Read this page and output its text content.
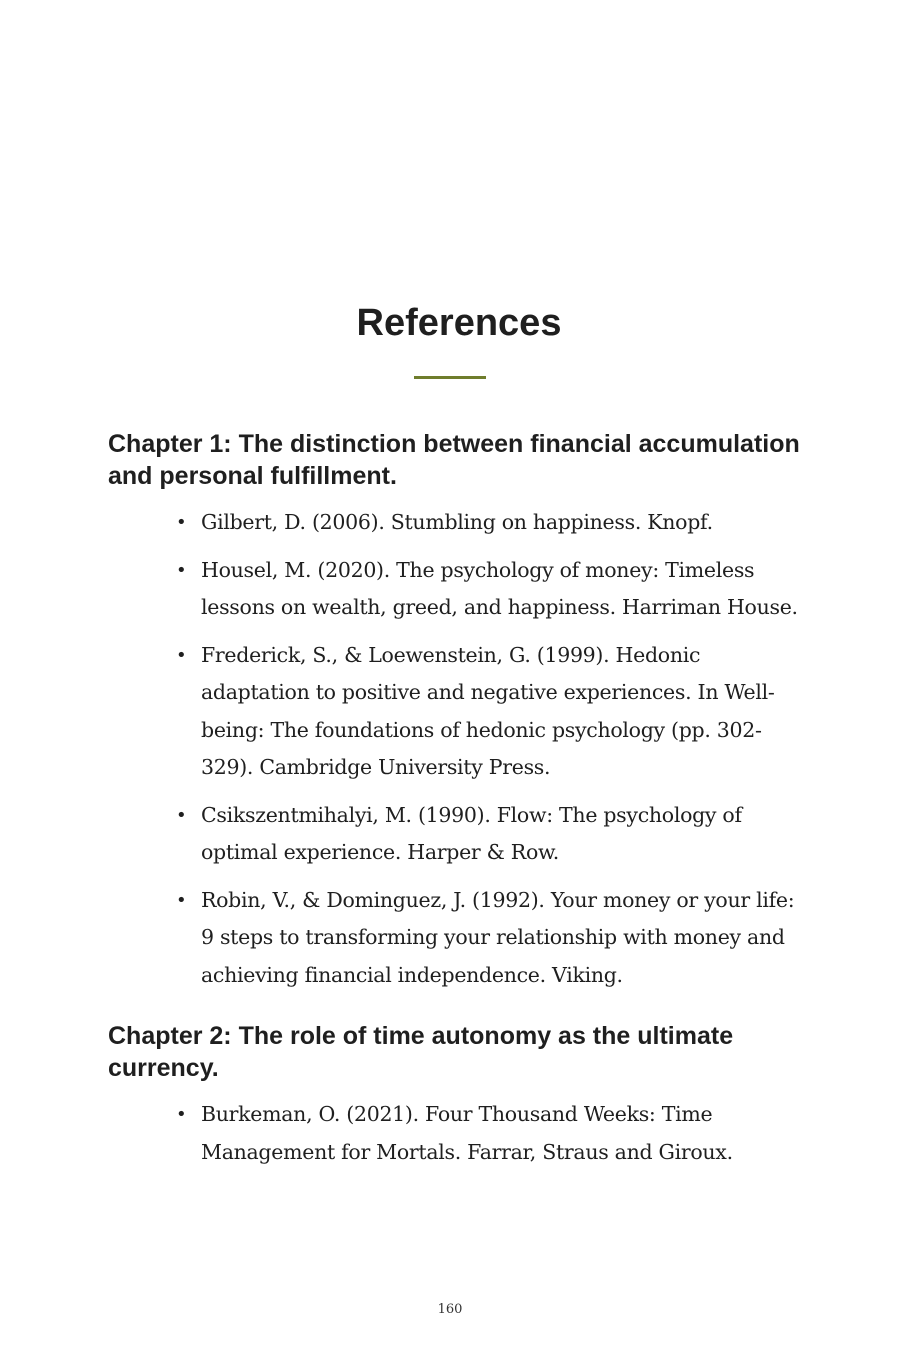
References
Chapter 1: The distinction between financial accumulation and personal fulfillment.
• Gilbert, D. (2006). Stumbling on happiness. Knopf.
• Housel, M. (2020). The psychology of money: Timeless lessons on wealth, greed, and happiness. Harriman House.
• Frederick, S., & Loewenstein, G. (1999). Hedonic adaptation to positive and negative experiences. In Well-being: The foundations of hedonic psychology (pp. 302-329). Cambridge University Press.
• Csikszentmihalyi, M. (1990). Flow: The psychology of optimal experience. Harper & Row.
• Robin, V., & Dominguez, J. (1992). Your money or your life: 9 steps to transforming your relationship with money and achieving financial independence. Viking.
Chapter 2: The role of time autonomy as the ultimate currency.
• Burkeman, O. (2021). Four Thousand Weeks: Time Management for Mortals. Farrar, Straus and Giroux.
160
